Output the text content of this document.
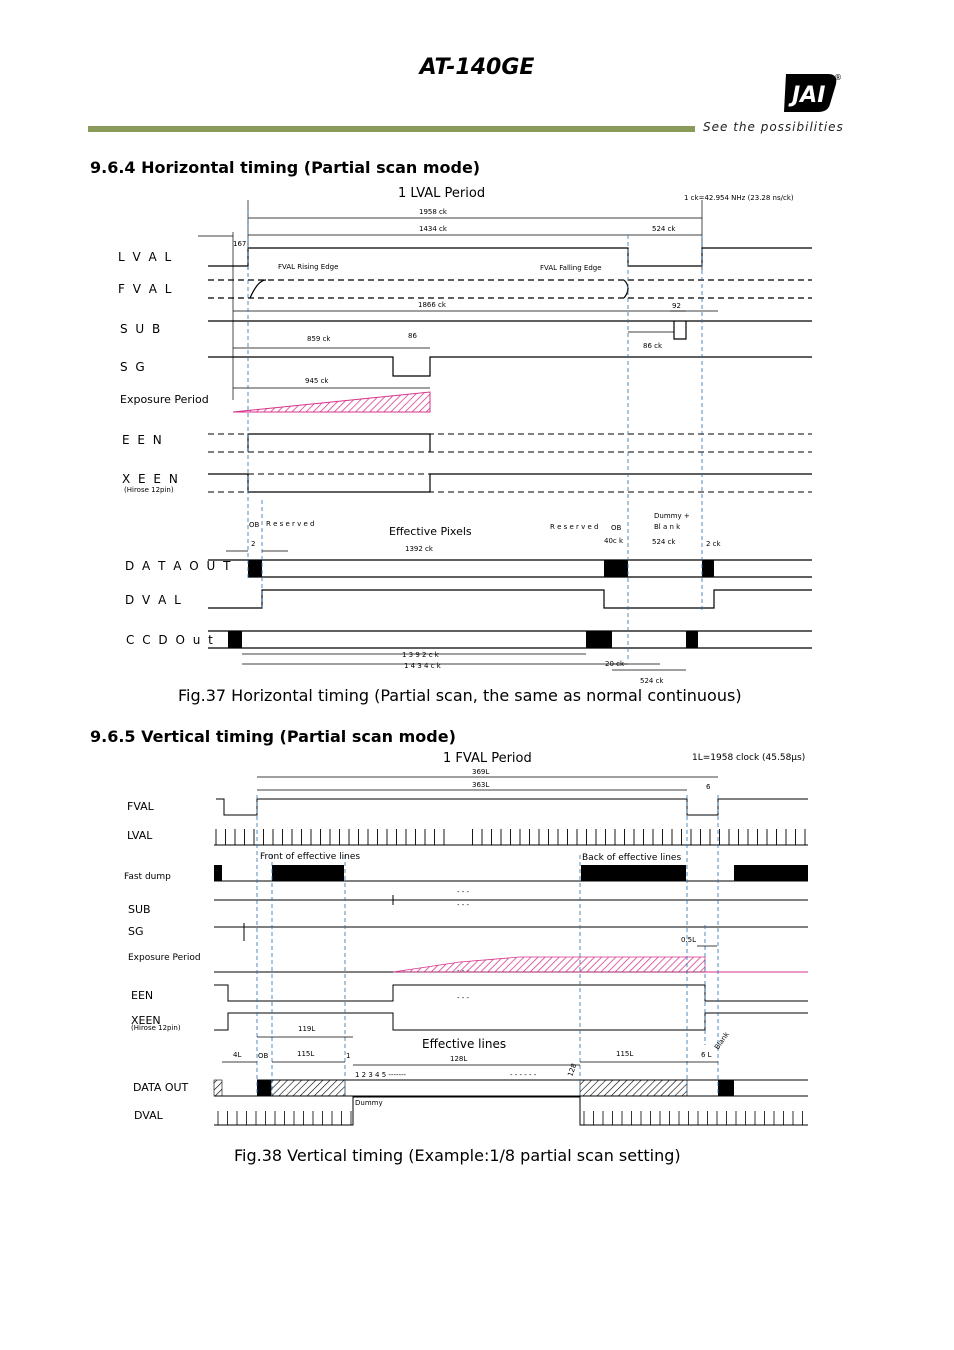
AT-140GE
JAI
®
See the possibilities
9.6.4 Horizontal timing (Partial scan mode)
1 LVAL Period	1 ck=42.954 NHz (23.28 ns/ck)
1958 ck
1434 ck	524 ck
167
FVAL Rising Edge	FVAL Falling Edge
1866 ck	92
859 ck	86
86 ck
945 ck
L V A L
F V A L
S U B
S G
Exposure Period
E E N
X E E N
(Hirose 12pin)
D A T A O U T
D V A L
C C D O u t
OB R e s e r v e d
Effective Pixels
1392 ck
2
R e s e r v e d OB
40c k
Dummy +
Bl a n k
524 ck	2 ck
1 3 9 2 c k
1 4 3 4 c k	20 ck
524 ck
Fig.37 Horizontal timing (Partial scan, the same as normal continuous)
9.6.5 Vertical timing (Partial scan mode)
1 FVAL Period	1L=1958 clock (45.58μs)
369L
363L	6
FVAL
LVAL
Fast dump
SUB
SG
Exposure Period
EEN
XEEN
(Hirose 12pin)
DATA OUT
DVAL
- - -
- - -
- - -
Front of effective lines	Back of effective lines
0.5L
119L
Effective lines
4L OB	115L	1	128L
115L	6 L
Blank
1 2 3 4 5 -------	- - - - - -	128
Dummy
Fig.38 Vertical timing (Example:1/8 partial scan setting)
